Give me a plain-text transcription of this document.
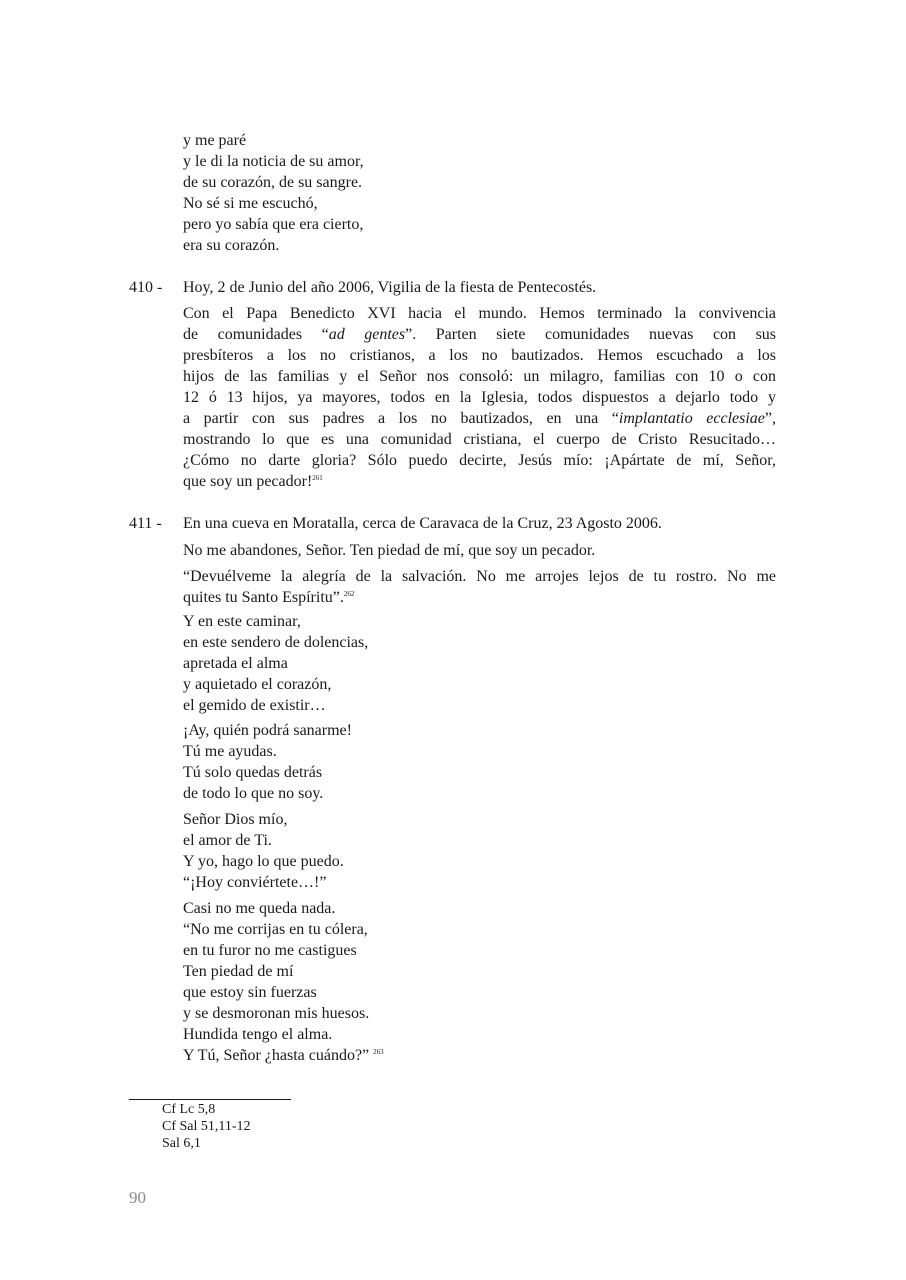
y me paré
y le di la noticia de su amor,
de su corazón, de su sangre.
No sé si me escuchó,
pero yo sabía que era cierto,
era su corazón.
410 - Hoy, 2 de Junio del año 2006, Vigilia de la fiesta de Pentecostés.
Con el Papa Benedicto XVI hacia el mundo. Hemos terminado la convivencia
de comunidades “ad gentes”. Parten siete comunidades nuevas con sus
presbíteros a los no cristianos, a los no bautizados. Hemos escuchado a los
hijos de las familias y el Señor nos consoló: un milagro, familias con 10 o con
12 ó 13 hijos, ya mayores, todos en la Iglesia, todos dispuestos a dejarlo todo y
a partir con sus padres a los no bautizados, en una “implantatio ecclesiae”,
mostrando lo que es una comunidad cristiana, el cuerpo de Cristo Resucitado…
¿Cómo no darte gloria? Sólo puedo decirte, Jesús mío: ¡Apártate de mí, Señor,
que soy un pecador!$^{261}$
411 - En una cueva en Moratalla, cerca de Caravaca de la Cruz, 23 Agosto 2006.
No me abandones, Señor. Ten piedad de mí, que soy un pecador.
“Devuélveme la alegría de la salvación. No me arrojes lejos de tu rostro. No me
quites tu Santo Espíritu”.$^{262}$
Y en este caminar,
en este sendero de dolencias,
apretada el alma
y aquietado el corazón,
el gemido de existir…
¡Ay, quién podrá sanarme!
Tú me ayudas.
Tú solo quedas detrás
de todo lo que no soy.
Señor Dios mío,
el amor de Ti.
Y yo, hago lo que puedo.
“¡Hoy conviértete…!”
Casi no me queda nada.
“No me corrijas en tu cólera,
en tu furor no me castigues
Ten piedad de mí
que estoy sin fuerzas
y se desmoronan mis huesos.
Hundida tengo el alma.
Y Tú, Señor ¿hasta cuándo?” $^{263}$
Cf Lc 5,8
Cf Sal 51,11-12
Sal 6,1
90
